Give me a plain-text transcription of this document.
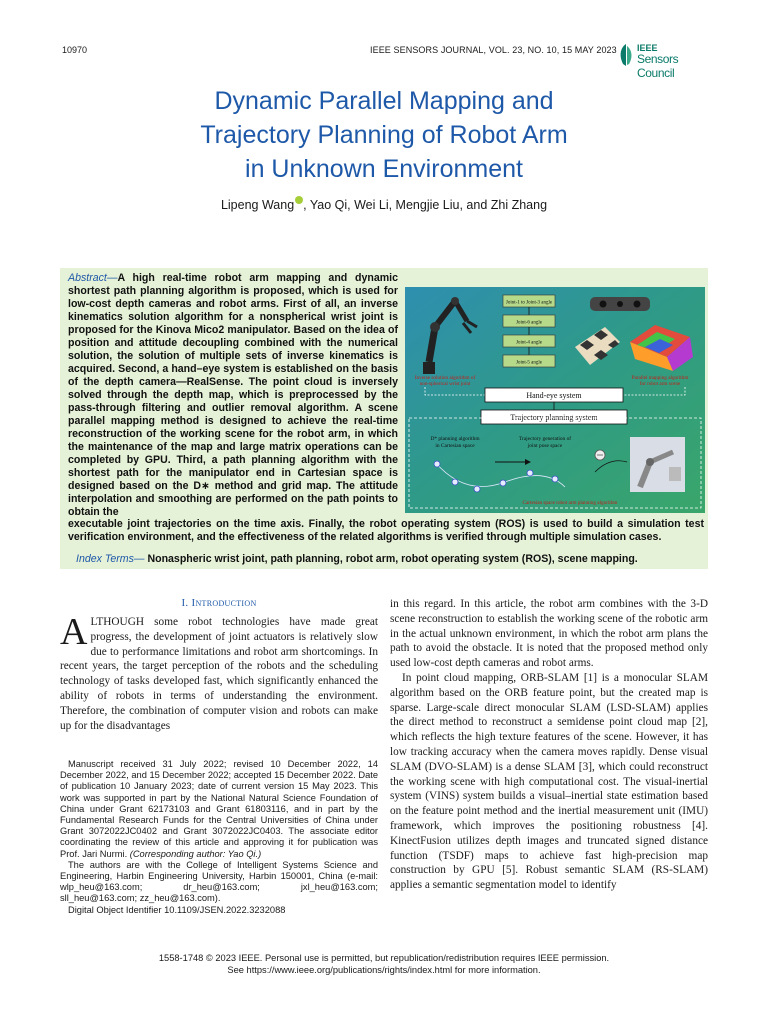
10970	IEEE SENSORS JOURNAL, VOL. 23, NO. 10, 15 MAY 2023 IEEE
Sensors Council
Dynamic Parallel Mapping and
Trajectory Planning of Robot Arm
in Unknown Environment
Lipeng Wang , Yao Qi, Wei Li, Mengjie Liu, and Zhi Zhang
Abstract—A high real-time robot arm mapping and dynamic shortest path planning algorithm is proposed, which is used for low-cost depth cameras and robot arms. First of all, an inverse kinematics solution algorithm for a nonspherical wrist joint is proposed for the Kinova Mico2 manipulator. Based on the idea of position and attitude decoupling combined with the numerical solution, the solution of multiple sets of inverse kinematics is acquired. Second, a hand–eye system is established on the basis of the depth camera—RealSense. The point cloud is inversely solved through the depth map, which is preprocessed by the pass-through filtering and outlier removal algorithm. A scene parallel mapping method is designed to achieve the real-time reconstruction of the working scene for the robot arm, in which the maintenance of the map and large matrix operations can be completed by GPU. Third, a path planning algorithm with the shortest path for the manipulator end in Cartesian space is designed based on the D∗ method and grid map. The attitude interpolation and smoothing are performed on the path points to obtain the
executable joint trajectories on the time axis. Finally, the robot operating system (ROS) is used to build a simulation test verification environment, and the effectiveness of the related algorithms is verified through multiple simulation cases.
Index Terms— Nonaspheric wrist joint, path planning, robot arm, robot operating system (ROS), scene mapping.
Joint-1 to Joint-3 angle
Joint-6 angle
Joint-4 angle
Joint-5 angle
Inverse solution algorithm of
non-spherical wrist joint
Parallel mapping algorithm
for robot arm scene
Hand-eye system
Trajectory planning system
D* planning algorithm
in Cartesian space
Trajectory generation of
joint pose space
Cartesian space robot arm planning algorithm
I. Introduction
ALTHOUGH some robot technologies have made great progress, the development of joint actuators is relatively slow due to performance limitations and robot arm shortcomings. In recent years, the target perception of the robots and the scheduling technology of tasks developed fast, which significantly enhanced the ability of robots in terms of understanding the environment. Therefore, the combination of computer vision and robots can make up for the disadvantages

Manuscript received 31 July 2022; revised 10 December 2022, 14 December 2022, and 15 December 2022; accepted 15 December 2022. Date of publication 10 January 2023; date of current version 15 May 2023. This work was supported in part by the National Natural Science Foundation of China under Grant 62173103 and Grant 61803116, and in part by the Fundamental Research Funds for the Central Universities of China under Grant 3072022JC0402 and Grant 3072022JC0403. The associate editor coordinating the review of this article and approving it for publication was Prof. Jari Nurmi. (Corresponding author: Yao Qi.)

The authors are with the College of Intelligent Systems Science and Engineering, Harbin Engineering University, Harbin 150001, China (e-mail: wlp_heu@163.com; dr_heu@163.com; jxl_heu@163.com; sll_heu@163.com; zz_heu@163.com).

Digital Object Identifier 10.1109/JSEN.2022.3232088

in this regard. In this article, the robot arm combines with the 3-D scene reconstruction to establish the working scene of the robotic arm in the actual unknown environment, in which the robot arm plans the path to avoid the obstacle. It is noted that the proposed method only used low-cost depth cameras and robot arms.

In point cloud mapping, ORB-SLAM [1] is a monocular SLAM algorithm based on the ORB feature point, but the created map is sparse. Large-scale direct monocular SLAM (LSD-SLAM) applies the direct method to reconstruct a semidense point cloud map [2], which reflects the high texture features of the scene. However, it has low tracking accuracy when the camera moves rapidly. Dense visual SLAM (DVO-SLAM) is a dense SLAM [3], which could reconstruct the working scene with high computational cost. The visual-inertial system (VINS) system builds a visual–inertial state estimation based on the feature point method and the inertial measurement unit (IMU) framework, which improves the positioning robustness [4]. KinectFusion utilizes depth images and truncated signed distance function (TSDF) maps to achieve fast high-precision map construction by GPU [5]. Robust semantic SLAM (RS-SLAM) applies a semantic segmentation model to identify

1558-1748 © 2023 IEEE. Personal use is permitted, but republication/redistribution requires IEEE permission.
See https://www.ieee.org/publications/rights/index.html for more information.
